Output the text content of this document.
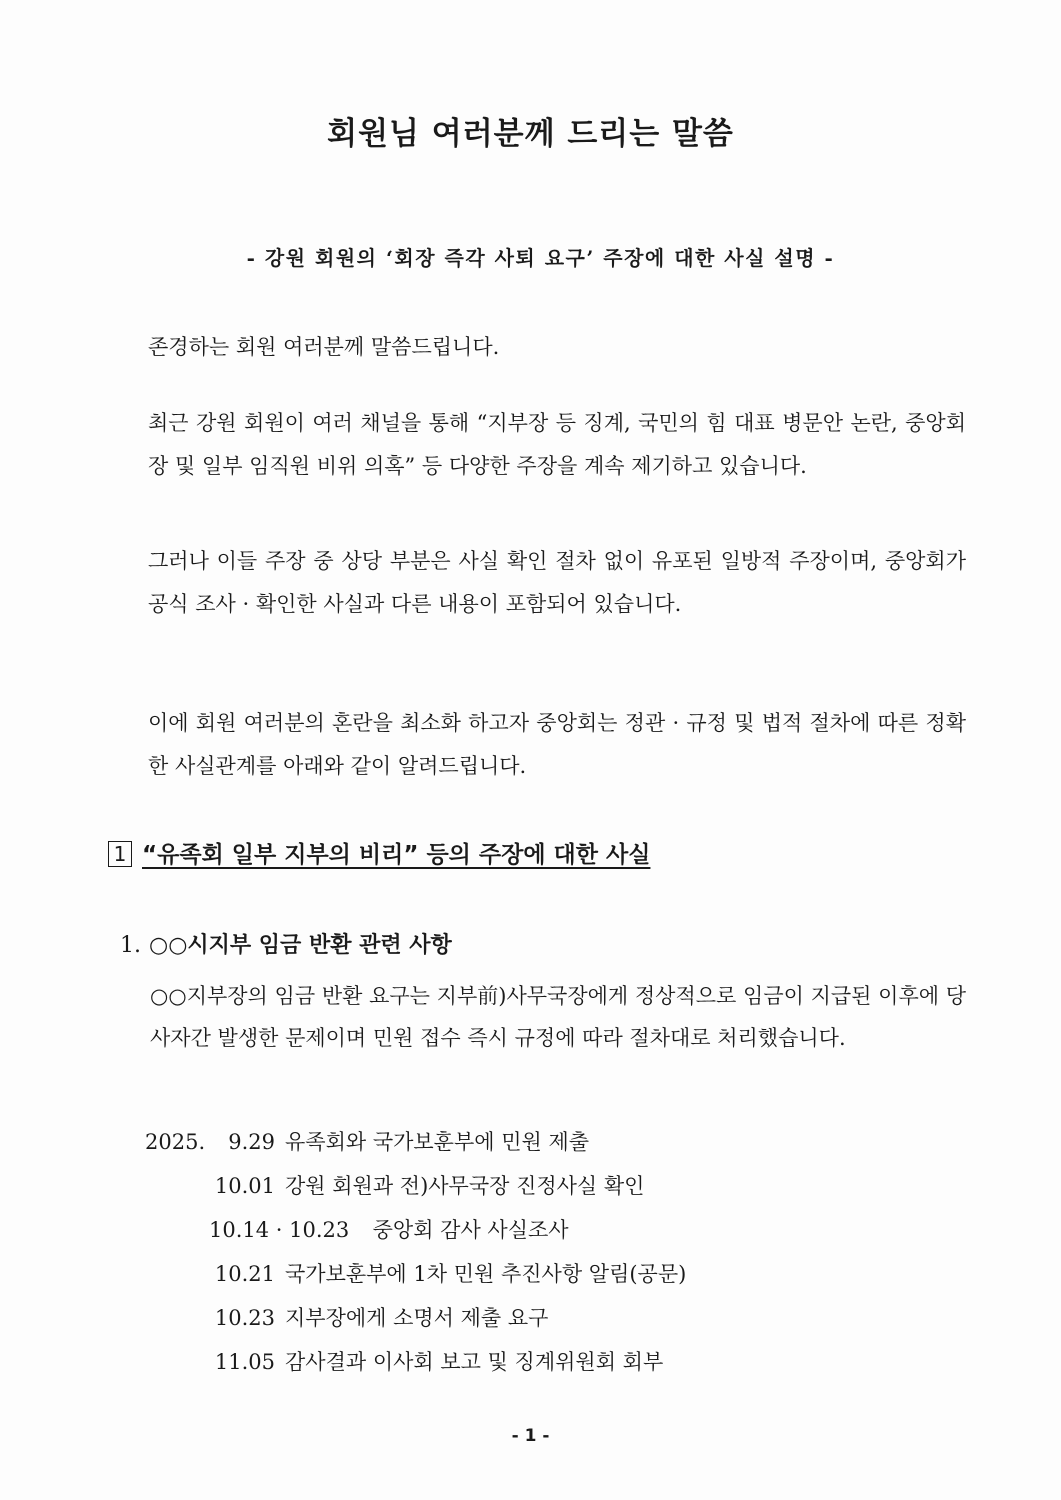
회원님 여러분께 드리는 말씀
- 강원 회원의 ‘회장 즉각 사퇴 요구’ 주장에 대한 사실 설명 -

존경하는 회원 여러분께 말씀드립니다.

최근 강원 회원이 여러 채널을 통해 “지부장 등 징계, 국민의 힘 대표 병문안 논란, 중앙회장 및 일부 임직원 비위 의혹” 등 다양한 주장을 계속 제기하고 있습니다.

그러나 이들 주장 중 상당 부분은 사실 확인 절차 없이 유포된 일방적 주장이며, 중앙회가 공식 조사 · 확인한 사실과 다른 내용이 포함되어 있습니다.

이에 회원 여러분의 혼란을 최소화 하고자 중앙회는 정관 · 규정 및 법적 절차에 따른 정확한 사실관계를 아래와 같이 알려드립니다.

1 “유족회 일부 지부의 비리” 등의 주장에 대한 사실
1. ○○시지부 임금 반환 관련 사항

○○지부장의 임금 반환 요구는 지부前)사무국장에게 정상적으로 임금이 지급된 이후에 당사자간 발생한 문제이며 민원 접수 즉시 규정에 따라 절차대로 처리했습니다.

2025. 9.29 유족회와 국가보훈부에 민원 제출
10.01 강원 회원과 전)사무국장 진정사실 확인
10.14 · 10.23 중앙회 감사 사실조사
10.21 국가보훈부에 1차 민원 추진사항 알림(공문)
10.23 지부장에게 소명서 제출 요구
11.05 감사결과 이사회 보고 및 징계위원회 회부
- 1 -
